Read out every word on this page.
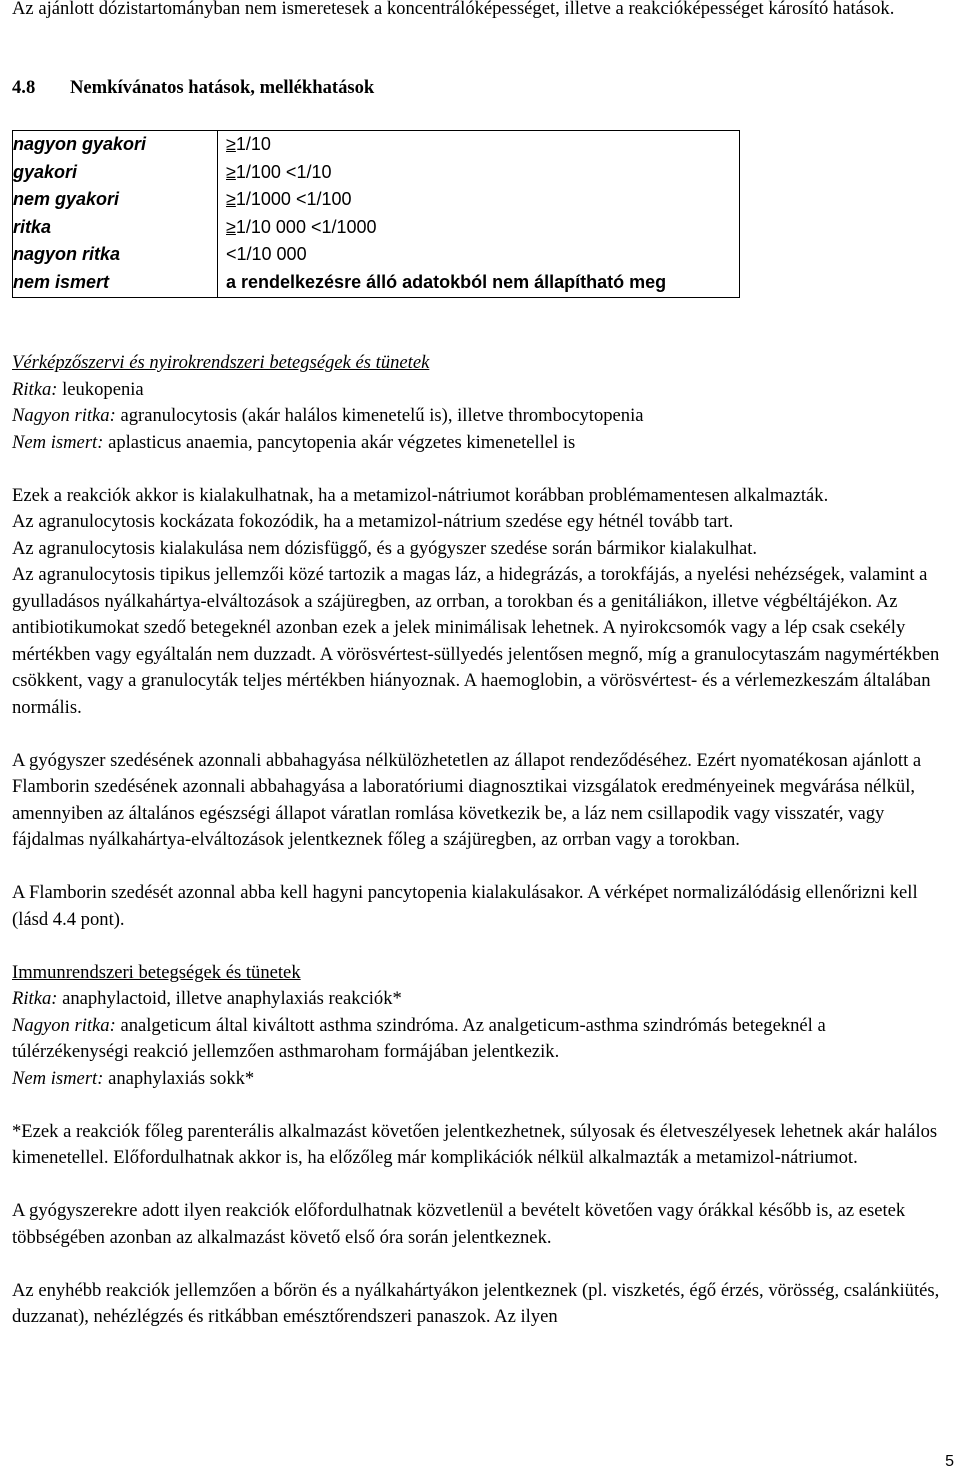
Az ajánlott dózistartományban nem ismeretesek a koncentrálóképességet, illetve a reakcióképességet károsító hatások.

4.8 Nemkívánatos hatások, mellékhatások
nagyon gyakori	≥1/10
gyakori	≥1/100 <1/10
nem gyakori	≥1/1000 <1/100
ritka	≥1/10 000 <1/1000
nagyon ritka	<1/10 000
nem ismert	a rendelkezésre álló adatokból nem állapítható meg

Vérképzőszervi és nyirokrendszeri betegségek és tünetek

Ritka: leukopenia

Nagyon ritka: agranulocytosis (akár halálos kimenetelű is), illetve thrombocytopenia

Nem ismert: aplasticus anaemia, pancytopenia akár végzetes kimenetellel is

Ezek a reakciók akkor is kialakulhatnak, ha a metamizol-nátriumot korábban problémamentesen alkalmazták.

Az agranulocytosis kockázata fokozódik, ha a metamizol-nátrium szedése egy hétnél tovább tart.

Az agranulocytosis kialakulása nem dózisfüggő, és a gyógyszer szedése során bármikor kialakulhat.

Az agranulocytosis tipikus jellemzői közé tartozik a magas láz, a hidegrázás, a torokfájás, a nyelési nehézségek, valamint a gyulladásos nyálkahártya-elváltozások a szájüregben, az orrban, a torokban és a genitáliákon, illetve végbéltájékon. Az antibiotikumokat szedő betegeknél azonban ezek a jelek minimálisak lehetnek. A nyirokcsomók vagy a lép csak csekély mértékben vagy egyáltalán nem duzzadt. A vörösvértest-süllyedés jelentősen megnő, míg a granulocytaszám nagymértékben csökkent, vagy a granulocyták teljes mértékben hiányoznak. A haemoglobin, a vörösvértest- és a vérlemezkeszám általában normális.

A gyógyszer szedésének azonnali abbahagyása nélkülözhetetlen az állapot rendeződéséhez. Ezért nyomatékosan ajánlott a Flamborin szedésének azonnali abbahagyása a laboratóriumi diagnosztikai vizsgálatok eredményeinek megvárása nélkül, amennyiben az általános egészségi állapot váratlan romlása következik be, a láz nem csillapodik vagy visszatér, vagy fájdalmas nyálkahártya-elváltozások jelentkeznek főleg a szájüregben, az orrban vagy a torokban.

A Flamborin szedését azonnal abba kell hagyni pancytopenia kialakulásakor. A vérképet normalizálódásig ellenőrizni kell (lásd 4.4 pont).

Immunrendszeri betegségek és tünetek

Ritka: anaphylactoid, illetve anaphylaxiás reakciók*

Nagyon ritka: analgeticum által kiváltott asthma szindróma. Az analgeticum-asthma szindrómás betegeknél a túlérzékenységi reakció jellemzően asthmaroham formájában jelentkezik.

Nem ismert: anaphylaxiás sokk*

*Ezek a reakciók főleg parenterális alkalmazást követően jelentkezhetnek, súlyosak és életveszélyesek lehetnek akár halálos kimenetellel. Előfordulhatnak akkor is, ha előzőleg már komplikációk nélkül alkalmazták a metamizol-nátriumot.

A gyógyszerekre adott ilyen reakciók előfordulhatnak közvetlenül a bevételt követően vagy órákkal később is, az esetek többségében azonban az alkalmazást követő első óra során jelentkeznek.

Az enyhébb reakciók jellemzően a bőrön és a nyálkahártyákon jelentkeznek (pl. viszketés, égő érzés, vörösség, csalánkiütés, duzzanat), nehézlégzés és ritkábban emésztőrendszeri panaszok. Az ilyen

5
